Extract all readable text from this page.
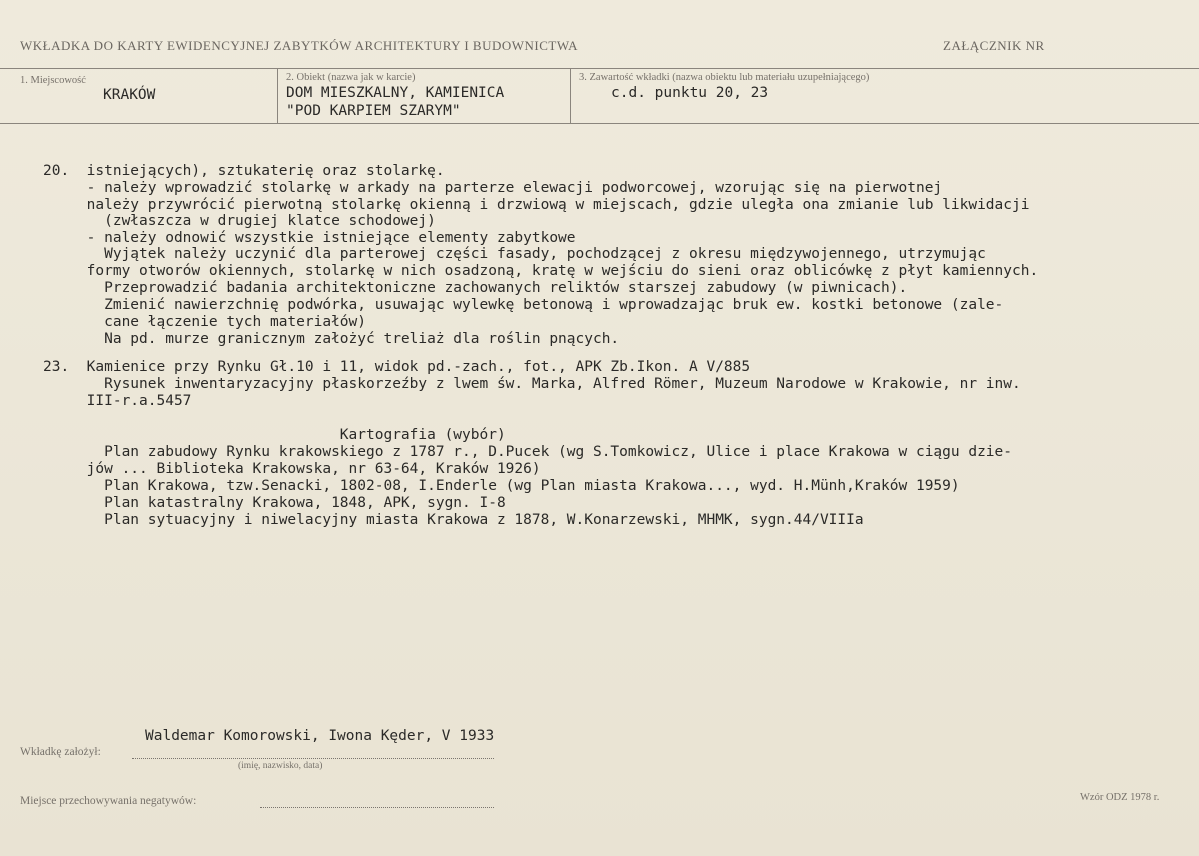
WKŁADKA DO KARTY EWIDENCYJNEJ ZABYTKÓW ARCHITEKTURY I BUDOWNICTWA	ZAŁĄCZNIK NR
1. Miejscowość
KRAKÓW
2. Obiekt (nazwa jak w karcie)
DOM MIESZKALNY, KAMIENICA
"POD KARPIEM SZARYM"
3. Zawartość wkładki (nazwa obiektu lub materiału uzupełniającego)
c.d. punktu 20, 23
20.  istniejących), sztukaterię oraz stolarkę.
- należy wprowadzić stolarkę w arkady na parterze elewacji podworcowej, wzorując się na pierwotnej
należy przywrócić pierwotną stolarkę okienną i drzwiową w miejscach, gdzie uległa ona zmianie lub likwidacji
(zwłaszcza w drugiej klatce schodowej)
- należy odnowić wszystkie istniejące elementy zabytkowe
Wyjątek należy uczynić dla parterowej części fasady, pochodzącej z okresu międzywojennego, utrzymując
formy otworów okiennych, stolarkę w nich osadzoną, kratę w wejściu do sieni oraz oblicówkę z płyt kamiennych.
Przeprowadzić badania architektoniczne zachowanych reliktów starszej zabudowy (w piwnicach).
Zmienić nawierzchnię podwórka, usuwając wylewkę betonową i wprowadzając bruk ew. kostki betonowe (zale-
cane łączenie tych materiałów)
Na pd. murze granicznym założyć treliaż dla roślin pnących.
23.  Kamienice przy Rynku Gł.10 i 11, widok pd.-zach., fot., APK Zb.Ikon. A V/885
Rysunek inwentaryzacyjny płaskorzeźby z lwem św. Marka, Alfred Römer, Muzeum Narodowe w Krakowie, nr inw.
III-r.a.5457
Kartografia (wybór)
Plan zabudowy Rynku krakowskiego z 1787 r., D.Pucek (wg S.Tomkowicz, Ulice i place Krakowa w ciągu dzie-
jów ... Biblioteka Krakowska, nr 63-64, Kraków 1926)
Plan Krakowa, tzw.Senacki, 1802-08, I.Enderle (wg Plan miasta Krakowa..., wyd. H.Münh,Kraków 1959)
Plan katastralny Krakowa, 1848, APK, sygn. I-8
Plan sytuacyjny i niwelacyjny miasta Krakowa z 1878, W.Konarzewski, MHMK, sygn.44/VIIIa
Waldemar Komorowski, Iwona Kęder, V 1933
Wkładkę założył:
(imię, nazwisko, data)
Miejsce przechowywania negatywów:	Wzór ODZ 1978 r.
